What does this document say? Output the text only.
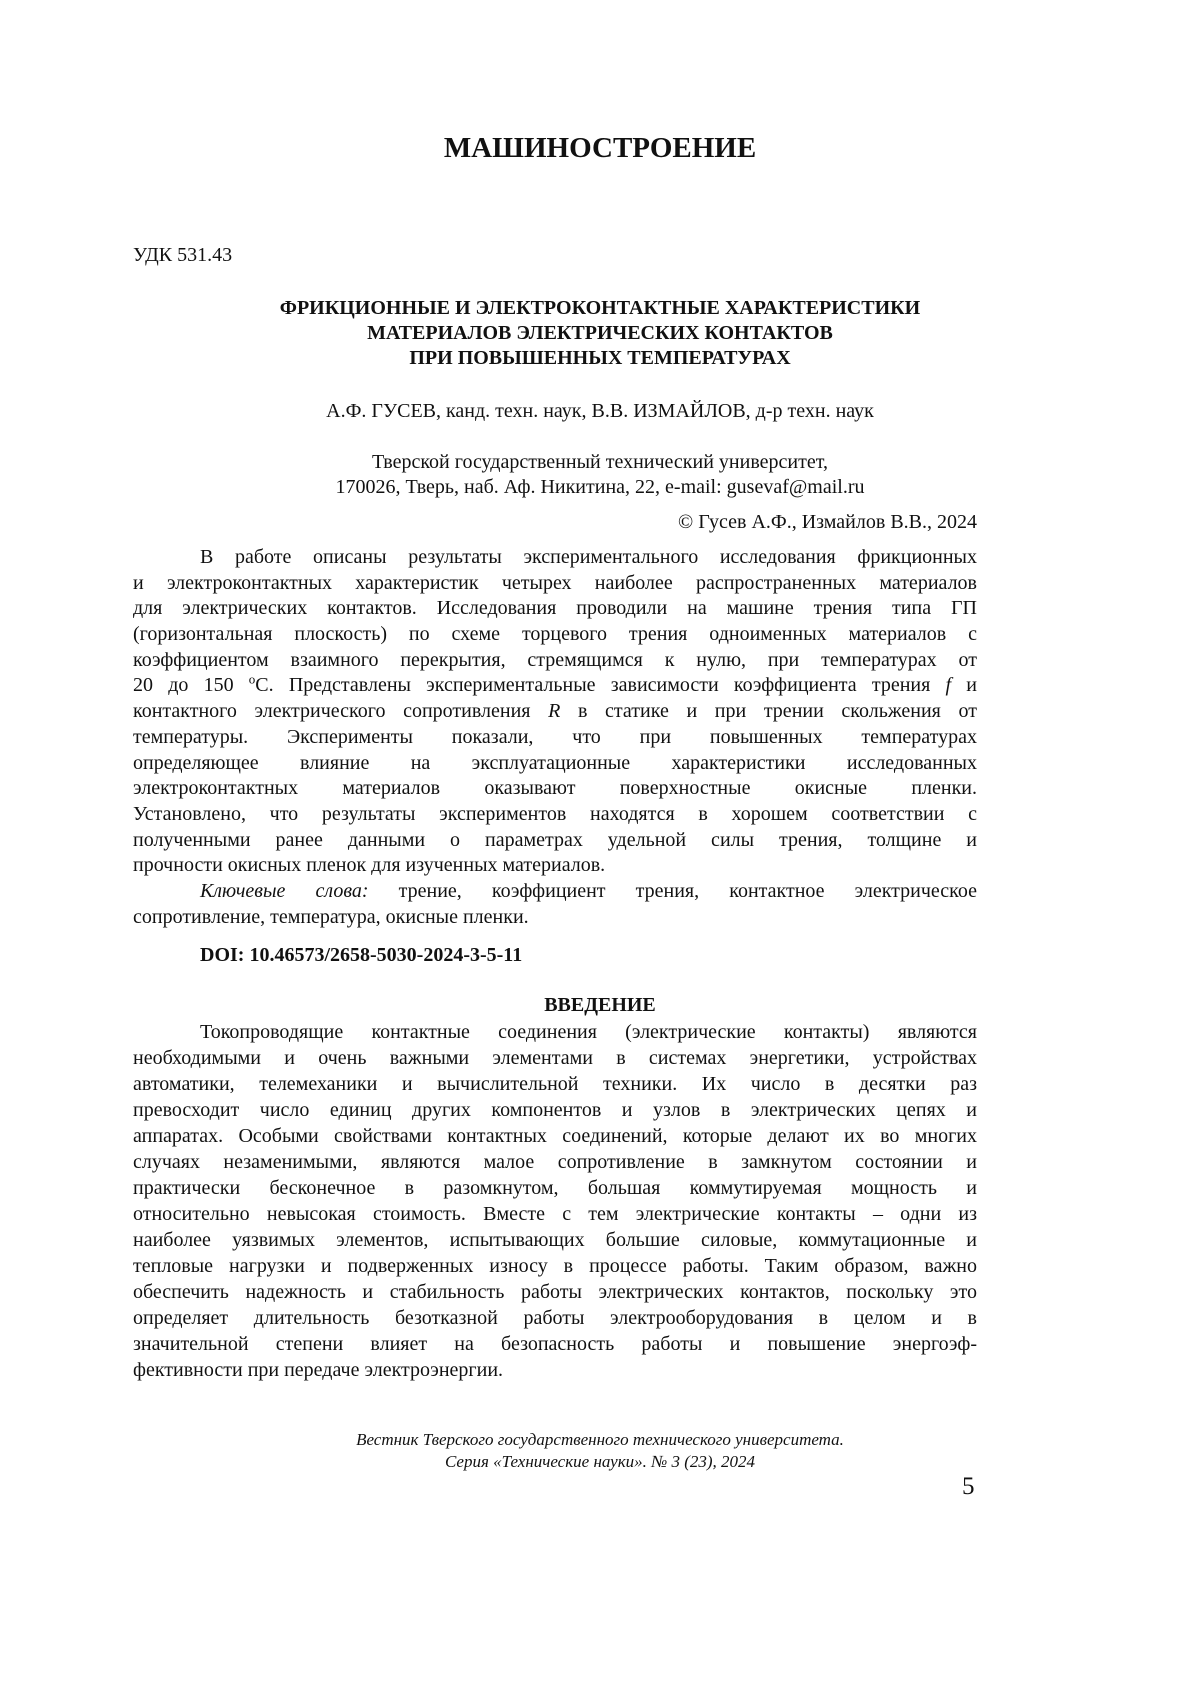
МАШИНОСТРОЕНИЕ
УДК 531.43
ФРИКЦИОННЫЕ И ЭЛЕКТРОКОНТАКТНЫЕ ХАРАКТЕРИСТИКИ
МАТЕРИАЛОВ ЭЛЕКТРИЧЕСКИХ КОНТАКТОВ
ПРИ ПОВЫШЕННЫХ ТЕМПЕРАТУРАХ
А.Ф. ГУСЕВ, канд. техн. наук, В.В. ИЗМАЙЛОВ, д-р техн. наук
Тверской государственный технический университет,
170026, Тверь, наб. Аф. Никитина, 22, e-mail: gusevaf@mail.ru
© Гусев А.Ф., Измайлов В.В., 2024
В работе описаны результаты экспериментального исследования фрикционных
и электроконтактных характеристик четырех наиболее распространенных материалов
для электрических контактов. Исследования проводили на машине трения типа ГП
(горизонтальная плоскость) по схеме торцевого трения одноименных материалов с
коэффициентом взаимного перекрытия, стремящимся к нулю, при температурах от
20 до 150 $^o$С. Представлены экспериментальные зависимости коэффициента трения f и
контактного электрического сопротивления R в статике и при трении скольжения от
температуры. Эксперименты показали, что при повышенных температурах
определяющее влияние на эксплуатационные характеристики исследованных
электроконтактных материалов оказывают поверхностные окисные пленки.
Установлено, что результаты экспериментов находятся в хорошем соответствии с
полученными ранее данными о параметрах удельной силы трения, толщине и
прочности окисных пленок для изученных материалов.
Ключевые слова: трение, коэффициент трения, контактное электрическое
сопротивление, температура, окисные пленки.
DOI: 10.46573/2658-5030-2024-3-5-11
ВВЕДЕНИЕ
Токопроводящие контактные соединения (электрические контакты) являются
необходимыми и очень важными элементами в системах энергетики, устройствах
автоматики, телемеханики и вычислительной техники. Их число в десятки раз
превосходит число единиц других компонентов и узлов в электрических цепях и
аппаратах. Особыми свойствами контактных соединений, которые делают их во многих
случаях незаменимыми, являются малое сопротивление в замкнутом состоянии и
практически бесконечное в разомкнутом, большая коммутируемая мощность и
относительно невысокая стоимость. Вместе с тем электрические контакты – одни из
наиболее уязвимых элементов, испытывающих большие силовые, коммутационные и
тепловые нагрузки и подверженных износу в процессе работы. Таким образом, важно
обеспечить надежность и стабильность работы электрических контактов, поскольку это
определяет длительность безотказной работы электрооборудования в целом и в
значительной степени влияет на безопасность работы и повышение энергоэф-
фективности при передаче электроэнергии.
Вестник Тверского государственного технического университета.
Серия «Технические науки». № 3 (23), 2024
5
